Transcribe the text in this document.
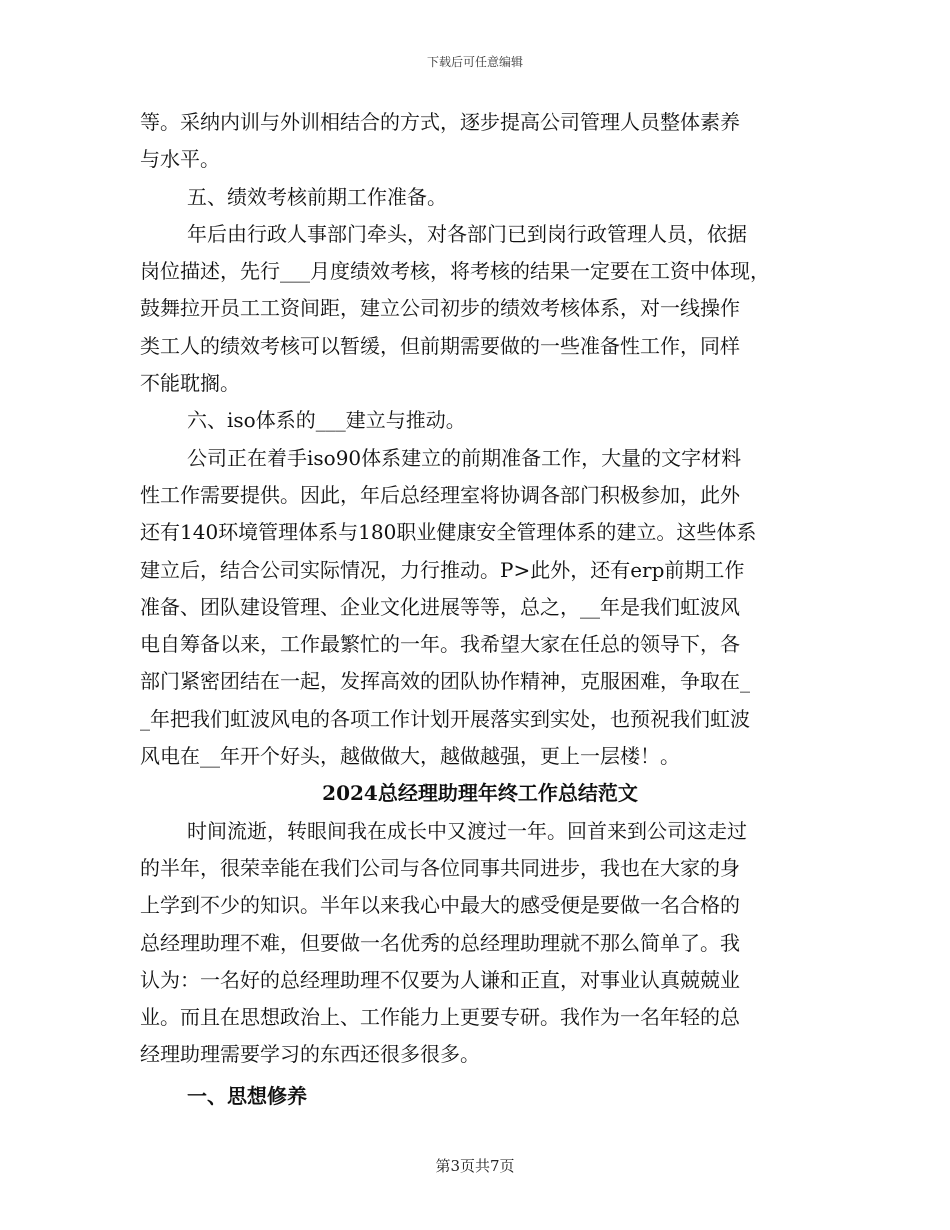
下载后可任意编辑
等。采纳内训与外训相结合的方式，逐步提高公司管理人员整体素养
与水平。
五、绩效考核前期工作准备。
年后由行政人事部门牵头，对各部门已到岗行政管理人员，依据
岗位描述，先行___月度绩效考核，将考核的结果一定要在工资中体现，
鼓舞拉开员工工资间距，建立公司初步的绩效考核体系，对一线操作
类工人的绩效考核可以暂缓，但前期需要做的一些准备性工作，同样
不能耽搁。
六、iso体系的___建立与推动。
公司正在着手iso90体系建立的前期准备工作，大量的文字材料
性工作需要提供。因此，年后总经理室将协调各部门积极参加，此外
还有140环境管理体系与180职业健康安全管理体系的建立。这些体系
建立后，结合公司实际情况，力行推动。P>此外，还有erp前期工作
准备、团队建设管理、企业文化进展等等，总之，__年是我们虹波风
电自筹备以来，工作最繁忙的一年。我希望大家在任总的领导下，各
部门紧密团结在一起，发挥高效的团队协作精神，克服困难，争取在_
_年把我们虹波风电的各项工作计划开展落实到实处，也预祝我们虹波
风电在__年开个好头，越做做大，越做越强，更上一层楼！。
2024总经理助理年终工作总结范文
时间流逝，转眼间我在成长中又渡过一年。回首来到公司这走过
的半年，很荣幸能在我们公司与各位同事共同进步，我也在大家的身
上学到不少的知识。半年以来我心中最大的感受便是要做一名合格的
总经理助理不难，但要做一名优秀的总经理助理就不那么简单了。我
认为：一名好的总经理助理不仅要为人谦和正直，对事业认真兢兢业
业。而且在思想政治上、工作能力上更要专研。我作为一名年轻的总
经理助理需要学习的东西还很多很多。
一、思想修养
第3页共7页
